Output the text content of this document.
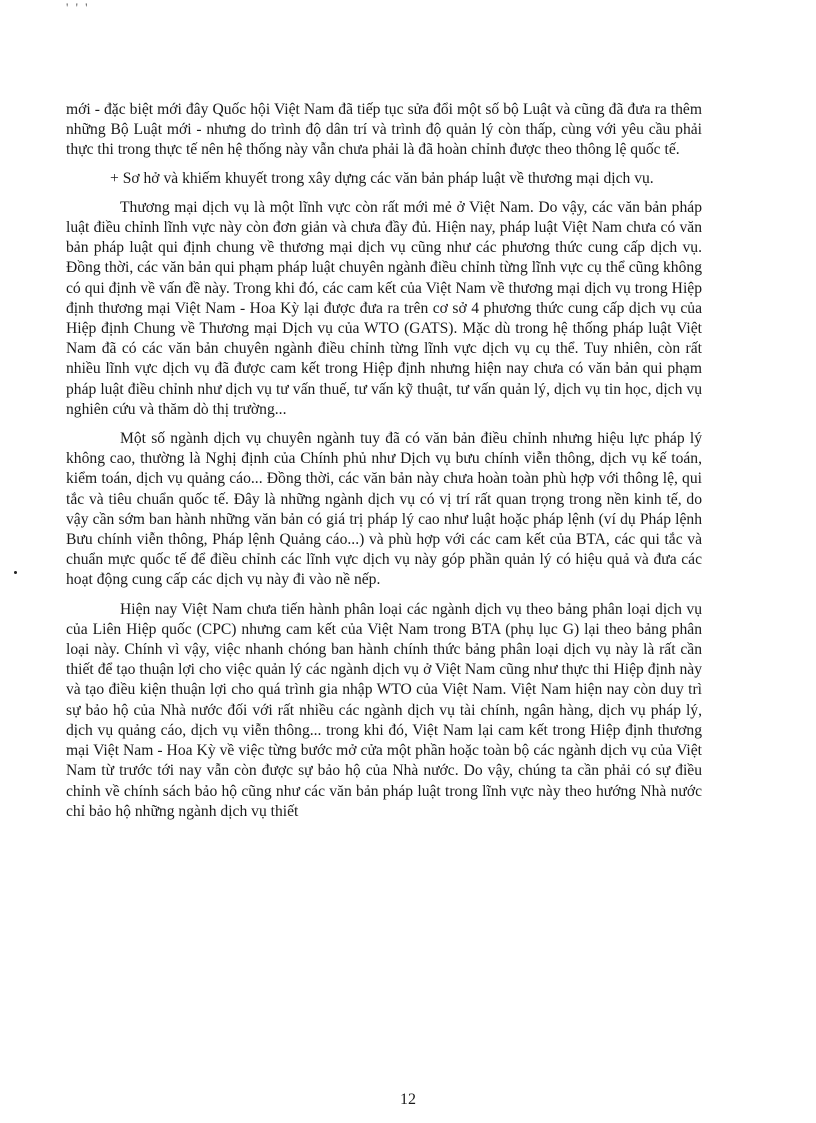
' ' '

mới - đặc biệt mới đây Quốc hội Việt Nam đã tiếp tục sửa đổi một số bộ Luật và cũng đã đưa ra thêm những Bộ Luật mới - nhưng do trình độ dân trí và trình độ quản lý còn thấp, cùng với yêu cầu phải thực thi trong thực tế nên hệ thống này vẫn chưa phải là đã hoàn chỉnh được theo thông lệ quốc tế.

+ Sơ hở và khiếm khuyết trong xây dựng các văn bản pháp luật về thương mại dịch vụ.

Thương mại dịch vụ là một lĩnh vực còn rất mới mẻ ở Việt Nam. Do vậy, các văn bản pháp luật điều chỉnh lĩnh vực này còn đơn giản và chưa đầy đủ. Hiện nay, pháp luật Việt Nam chưa có văn bản pháp luật qui định chung về thương mại dịch vụ cũng như các phương thức cung cấp dịch vụ. Đồng thời, các văn bản qui phạm pháp luật chuyên ngành điều chỉnh từng lĩnh vực cụ thể cũng không có qui định về vấn đề này. Trong khi đó, các cam kết của Việt Nam về thương mại dịch vụ trong Hiệp định thương mại Việt Nam - Hoa Kỳ lại được đưa ra trên cơ sở 4 phương thức cung cấp dịch vụ của Hiệp định Chung về Thương mại Dịch vụ của WTO (GATS). Mặc dù trong hệ thống pháp luật Việt Nam đã có các văn bản chuyên ngành điều chỉnh từng lĩnh vực dịch vụ cụ thể. Tuy nhiên, còn rất nhiều lĩnh vực dịch vụ đã được cam kết trong Hiệp định nhưng hiện nay chưa có văn bản qui phạm pháp luật điều chỉnh như dịch vụ tư vấn thuế, tư vấn kỹ thuật, tư vấn quản lý, dịch vụ tin học, dịch vụ nghiên cứu và thăm dò thị trường...

Một số ngành dịch vụ chuyên ngành tuy đã có văn bản điều chỉnh nhưng hiệu lực pháp lý không cao, thường là Nghị định của Chính phủ như Dịch vụ bưu chính viễn thông, dịch vụ kế toán, kiểm toán, dịch vụ quảng cáo... Đồng thời, các văn bản này chưa hoàn toàn phù hợp với thông lệ, qui tắc và tiêu chuẩn quốc tế. Đây là những ngành dịch vụ có vị trí rất quan trọng trong nền kinh tế, do vậy cần sớm ban hành những văn bản có giá trị pháp lý cao như luật hoặc pháp lệnh (ví dụ Pháp lệnh Bưu chính viễn thông, Pháp lệnh Quảng cáo...) và phù hợp với các cam kết của BTA, các qui tắc và chuẩn mực quốc tế để điều chỉnh các lĩnh vực dịch vụ này góp phần quản lý có hiệu quả và đưa các hoạt động cung cấp các dịch vụ này đi vào nề nếp.

Hiện nay Việt Nam chưa tiến hành phân loại các ngành dịch vụ theo bảng phân loại dịch vụ của Liên Hiệp quốc (CPC) nhưng cam kết của Việt Nam trong BTA (phụ lục G) lại theo bảng phân loại này. Chính vì vậy, việc nhanh chóng ban hành chính thức bảng phân loại dịch vụ này là rất cần thiết để tạo thuận lợi cho việc quản lý các ngành dịch vụ ở Việt Nam cũng như thực thi Hiệp định này và tạo điều kiện thuận lợi cho quá trình gia nhập WTO của Việt Nam. Việt Nam hiện nay còn duy trì sự bảo hộ của Nhà nước đối với rất nhiều các ngành dịch vụ tài chính, ngân hàng, dịch vụ pháp lý, dịch vụ quảng cáo, dịch vụ viễn thông... trong khi đó, Việt Nam lại cam kết trong Hiệp định thương mại Việt Nam - Hoa Kỳ về việc từng bước mở cửa một phần hoặc toàn bộ các ngành dịch vụ của Việt Nam từ trước tới nay vẫn còn được sự bảo hộ của Nhà nước. Do vậy, chúng ta cần phải có sự điều chỉnh về chính sách bảo hộ cũng như các văn bản pháp luật trong lĩnh vực này theo hướng Nhà nước chỉ bảo hộ những ngành dịch vụ thiết

12
